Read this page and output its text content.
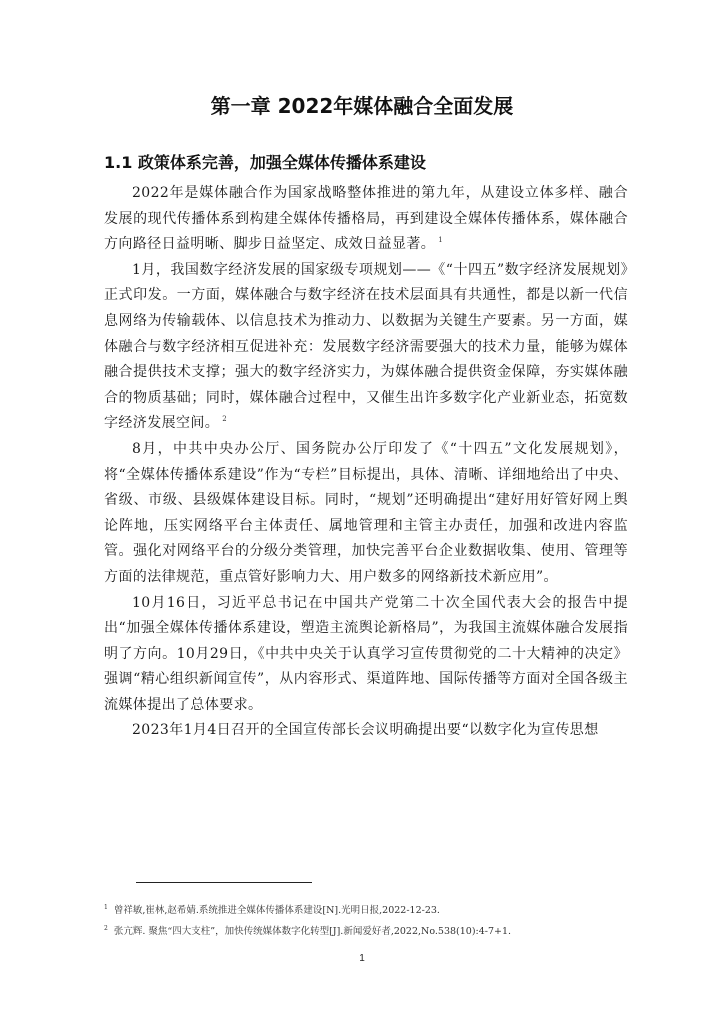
第一章 2022年媒体融合全面发展
1.1 政策体系完善，加强全媒体传播体系建设

2022年是媒体融合作为国家战略整体推进的第九年，从建设立体多样、融合发展的现代传播体系到构建全媒体传播格局，再到建设全媒体传播体系，媒体融合方向路径日益明晰、脚步日益坚定、成效日益显著。 $^1$

1月，我国数字经济发展的国家级专项规划——《“十四五”数字经济发展规划》正式印发。一方面，媒体融合与数字经济在技术层面具有共通性，都是以新一代信息网络为传输载体、以信息技术为推动力、以数据为关键生产要素。另一方面，媒体融合与数字经济相互促进补充：发展数字经济需要强大的技术力量，能够为媒体融合提供技术支撑；强大的数字经济实力，为媒体融合提供资金保障，夯实媒体融合的物质基础；同时，媒体融合过程中，又催生出许多数字化产业新业态，拓宽数字经济发展空间。 $^2$

8月，中共中央办公厅、国务院办公厅印发了《“十四五”文化发展规划》，将“全媒体传播体系建设”作为“专栏”目标提出，具体、清晰、详细地给出了中央、省级、市级、县级媒体建设目标。同时，“规划”还明确提出“建好用好管好网上舆论阵地，压实网络平台主体责任、属地管理和主管主办责任，加强和改进内容监管。强化对网络平台的分级分类管理，加快完善平台企业数据收集、使用、管理等方面的法律规范，重点管好影响力大、用户数多的网络新技术新应用”。

10月16日，习近平总书记在中国共产党第二十次全国代表大会的报告中提出“加强全媒体传播体系建设，塑造主流舆论新格局”，为我国主流媒体融合发展指明了方向。10月29日，《中共中央关于认真学习宣传贯彻党的二十大精神的决定》强调“精心组织新闻宣传”，从内容形式、渠道阵地、国际传播等方面对全国各级主流媒体提出了总体要求。

2023年1月4日召开的全国宣传部长会议明确提出要“以数字化为宣传思想

$^1$ 曾祥敏,崔林,赵希婧.系统推进全媒体传播体系建设[N].光明日报,2022-12-23.

$^2$ 张亢辉. 聚焦“四大支柱”，加快传统媒体数字化转型[J].新闻爱好者,2022,No.538(10):4-7+1.

1
